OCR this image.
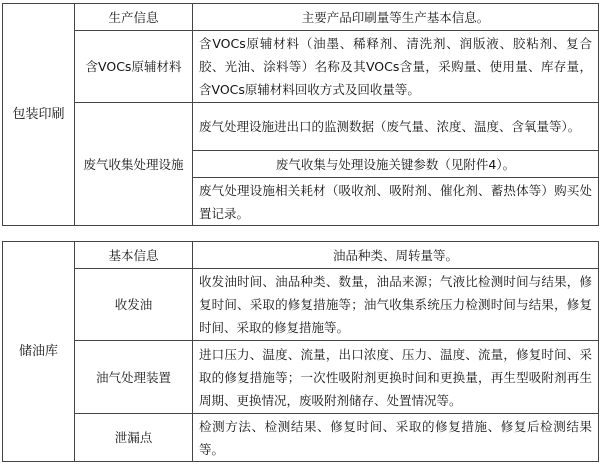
包装印刷	生产信息	主要产品印刷量等生产基本信息。
	含VOCs原辅材料	含VOCs原辅材料（油墨、稀释剂、清洗剂、润版液、胶粘剂、复合胶、光油、涂料等）名称及其VOCs含量，采购量、使用量、库存量，含VOCs原辅材料回收方式及回收量等。
	废气收集处理设施	废气处理设施进出口的监测数据（废气量、浓度、温度、含氧量等）。
		废气收集与处理设施关键参数（见附件4）。
		废气处理设施相关耗材（吸收剂、吸附剂、催化剂、蓄热体等）购买处置记录。
储油库	基本信息	油品种类、周转量等。
	收发油	收发油时间、油品种类、数量，油品来源；气液比检测时间与结果，修复时间、采取的修复措施等；油气收集系统压力检测时间与结果，修复时间、采取的修复措施等。
	油气处理装置	进口压力、温度、流量，出口浓度、压力、温度、流量，修复时间、采取的修复措施等；一次性吸附剂更换时间和更换量，再生型吸附剂再生周期、更换情况，废吸附剂储存、处置情况等。
	泄漏点	检测方法、检测结果、修复时间、采取的修复措施、修复后检测结果等。
